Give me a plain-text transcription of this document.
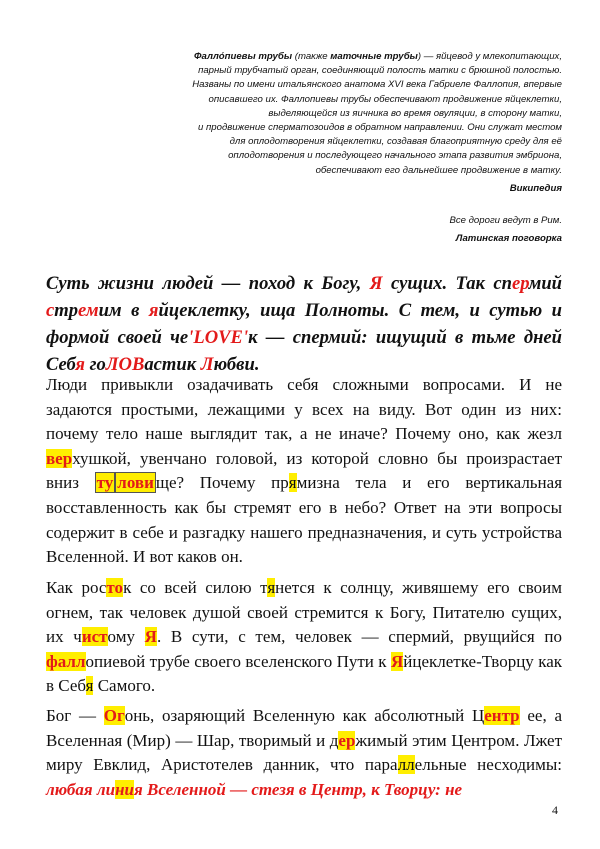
Фалло́пиевы трубы (также маточные трубы) — яйцевод у млекопитающих,
парный трубчатый орган, соединяющий полость матки с брюшной полостью.
Названы по имени итальянского анатома XVI века Габриеле Фаллопия, впервые
описавшего их. Фаллопиевы трубы обеспечивают продвижение яйцеклетки,
выделяющейся из яичника во время овуляции, в сторону матки,
и продвижение сперматозоидов в обратном направлении. Они служат местом
для оплодотворения яйцеклетки, создавая благоприятную среду для её
оплодотворения и последующего начального этапа развития эмбриона,
обеспечивают его дальнейшее продвижение в матку.
Википедия
Все дороги ведут в Рим.
Латинская поговорка
Суть жизни людей — поход к Богу, Я сущих. Так спермий стремим в яйцеклетку, ища Полноты. С тем, и сутью и формой своей че'LOVE'к — спермий: ищущий в тьме дней Себя гоЛОВастик Любви.
Люди привыкли озадачивать себя сложными вопросами. И не задаются простыми, лежащими у всех на виду. Вот один из них: почему тело наше выглядит так, а не иначе? Почему оно, как жезл верхушкой, увенчано головой, из которой словно бы произрастает вниз ту лови ще? Почему прямизна тела и его вертикальная восставленность как бы стремят его в небо? Ответ на эти вопросы содержит в себе и разгадку нашего предназначения, и суть устройства Вселенной. И вот каков он.
Как росток со всей силою тянется к солнцу, живяшему его своим огнем, так человек душой своей стремится к Богу, Питателю сущих, их чистому Я. В сути, с тем, человек — спермий, рвущийся по фаллопиевой трубе своего вселенского Пути к Яйцеклетке-Творцу как в Себя Самого.
Бог — Огонь, озаряющий Вселенную как абсолютный Центр ее, а Вселенная (Мир) — Шар, творимый и держимый этим Центром. Лжет миру Евклид, Аристотелев данник, что параллельные несходимы: любая линия Вселенной — стезя в Центр, к Творцу: не
4
